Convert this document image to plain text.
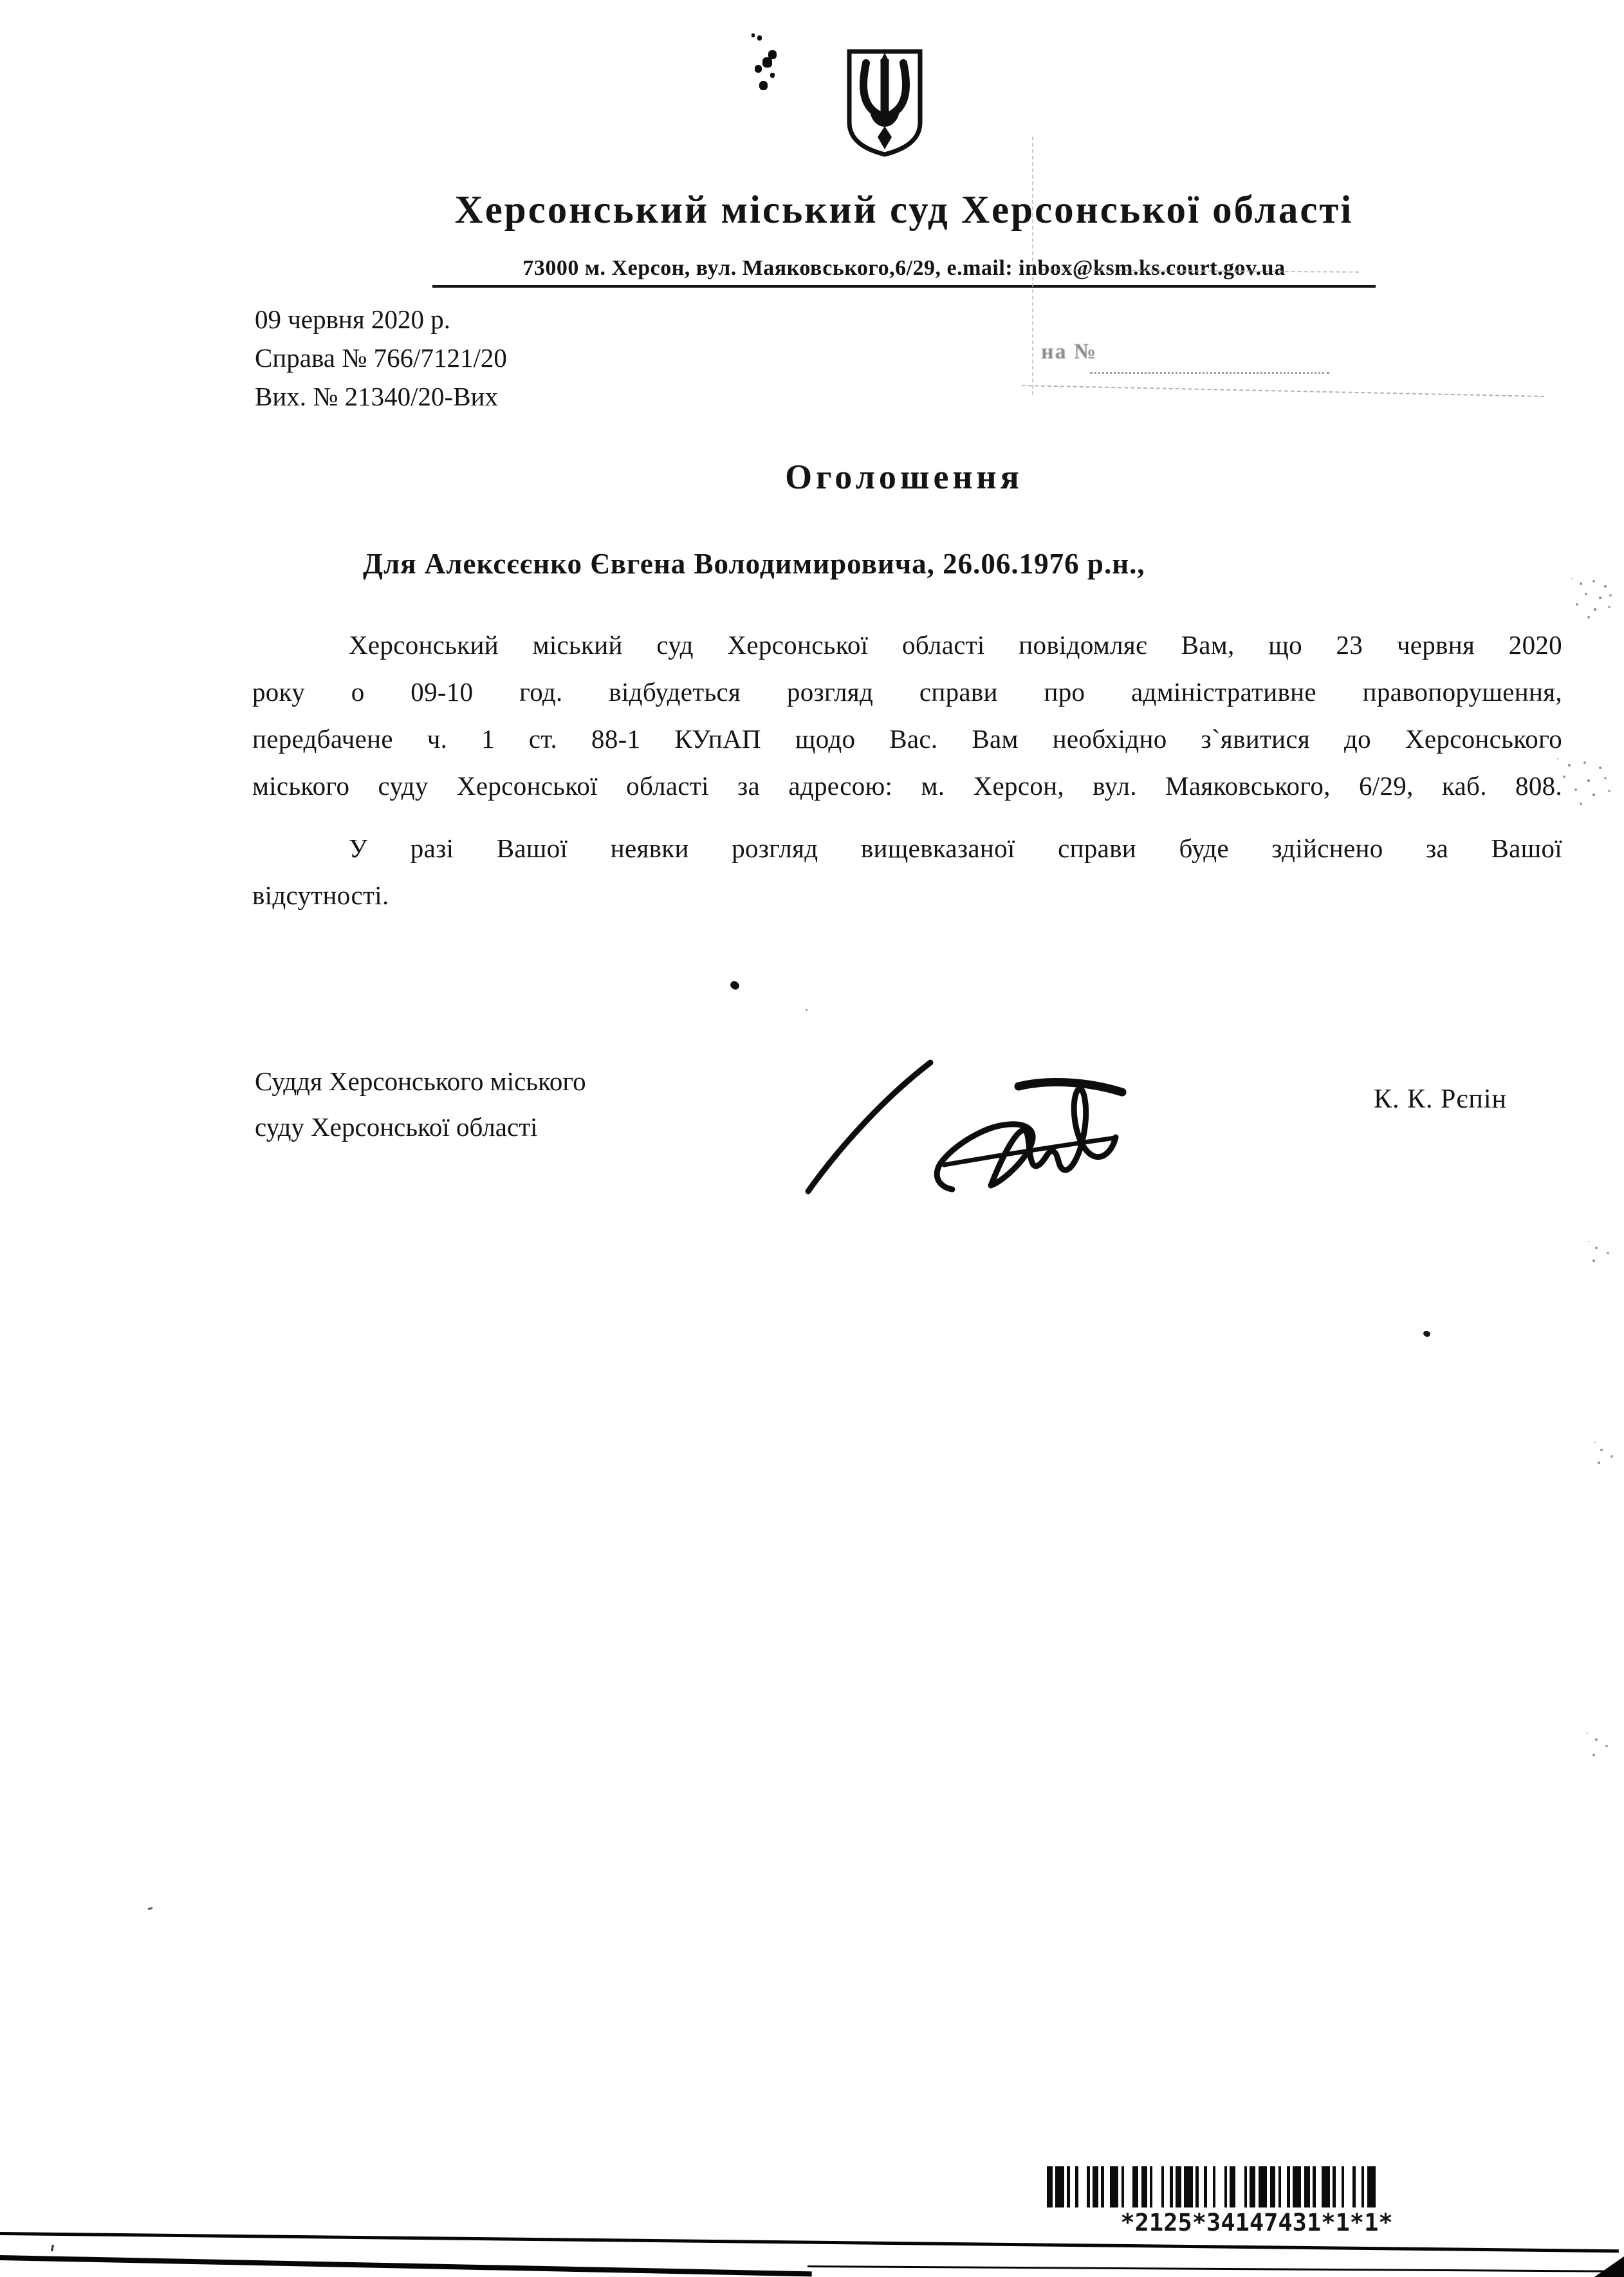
Херсонський міський суд Херсонської області
73000 м. Херсон, вул. Маяковського,6/29, e.mail: inbox@ksm.ks.court.gov.ua
09 червня 2020 р.
Справа № 766/7121/20
Вих. № 21340/20-Вих
на №
Оголошення
Для Алексєєнко Євгена Володимировича, 26.06.1976 р.н.,
Херсонський міський суд Херсонської області повідомляє Вам, що 23 червня 2020
року о 09-10 год. відбудеться розгляд справи про адміністративне правопорушення,
передбачене ч. 1 ст. 88-1 КУпАП щодо Вас. Вам необхідно з`явитися до Херсонського
міського суду Херсонської області за адресою: м. Херсон, вул. Маяковського, 6/29, каб. 808.
У разі Вашої неявки розгляд вищевказаної справи буде здійснено за Вашої
відсутності.
Суддя Херсонського міського
суду Херсонської області
К. К. Рєпін
*2125*34147431*1*1*
